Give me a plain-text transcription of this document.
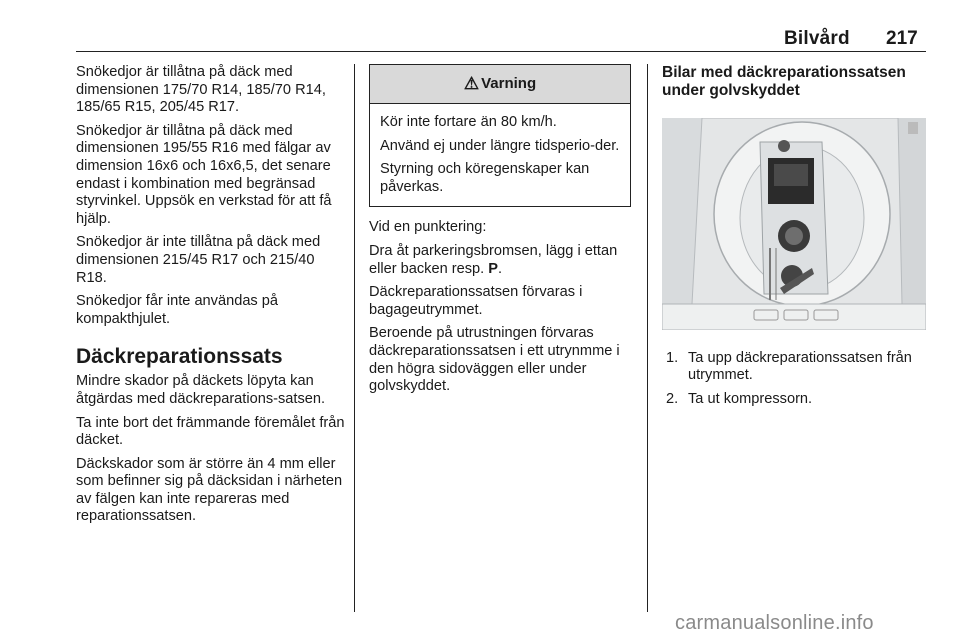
Bilvård 217

Snökedjor är tillåtna på däck med dimensionen 175/70 R14, 185/70 R14, 185/65 R15, 205/45 R17.

Snökedjor är tillåtna på däck med dimensionen 195/55 R16 med fälgar av dimension 16x6 och 16x6,5, det senare endast i kombination med begränsad styrvinkel. Uppsök en verkstad för att få hjälp.

Snökedjor är inte tillåtna på däck med dimensionen 215/45 R17 och 215/40 R18.

Snökedjor får inte användas på kompakthjulet.

Däckreparationssats

Mindre skador på däckets löpyta kan åtgärdas med däckreparations-satsen.

Ta inte bort det främmande föremålet från däcket.

Däckskador som är större än 4 mm eller som befinner sig på däcksidan i närheten av fälgen kan inte repareras med reparationssatsen.

⚠ Varning

Kör inte fortare än 80 km/h.

Använd ej under längre tidsperio-der.

Styrning och köregenskaper kan påverkas.

Vid en punktering:

Dra åt parkeringsbromsen, lägg i ettan eller backen resp. P.

Däckreparationssatsen förvaras i bagageutrymmet.

Beroende på utrustningen förvaras däckreparationssatsen i ett utrynmme i den högra sidoväggen eller under golvskyddet.

Bilar med däckreparationssatsen under golvskyddet
1. Ta upp däckreparationssatsen från utrymmet.
2. Ta ut kompressorn.
carmanualsonline.info
